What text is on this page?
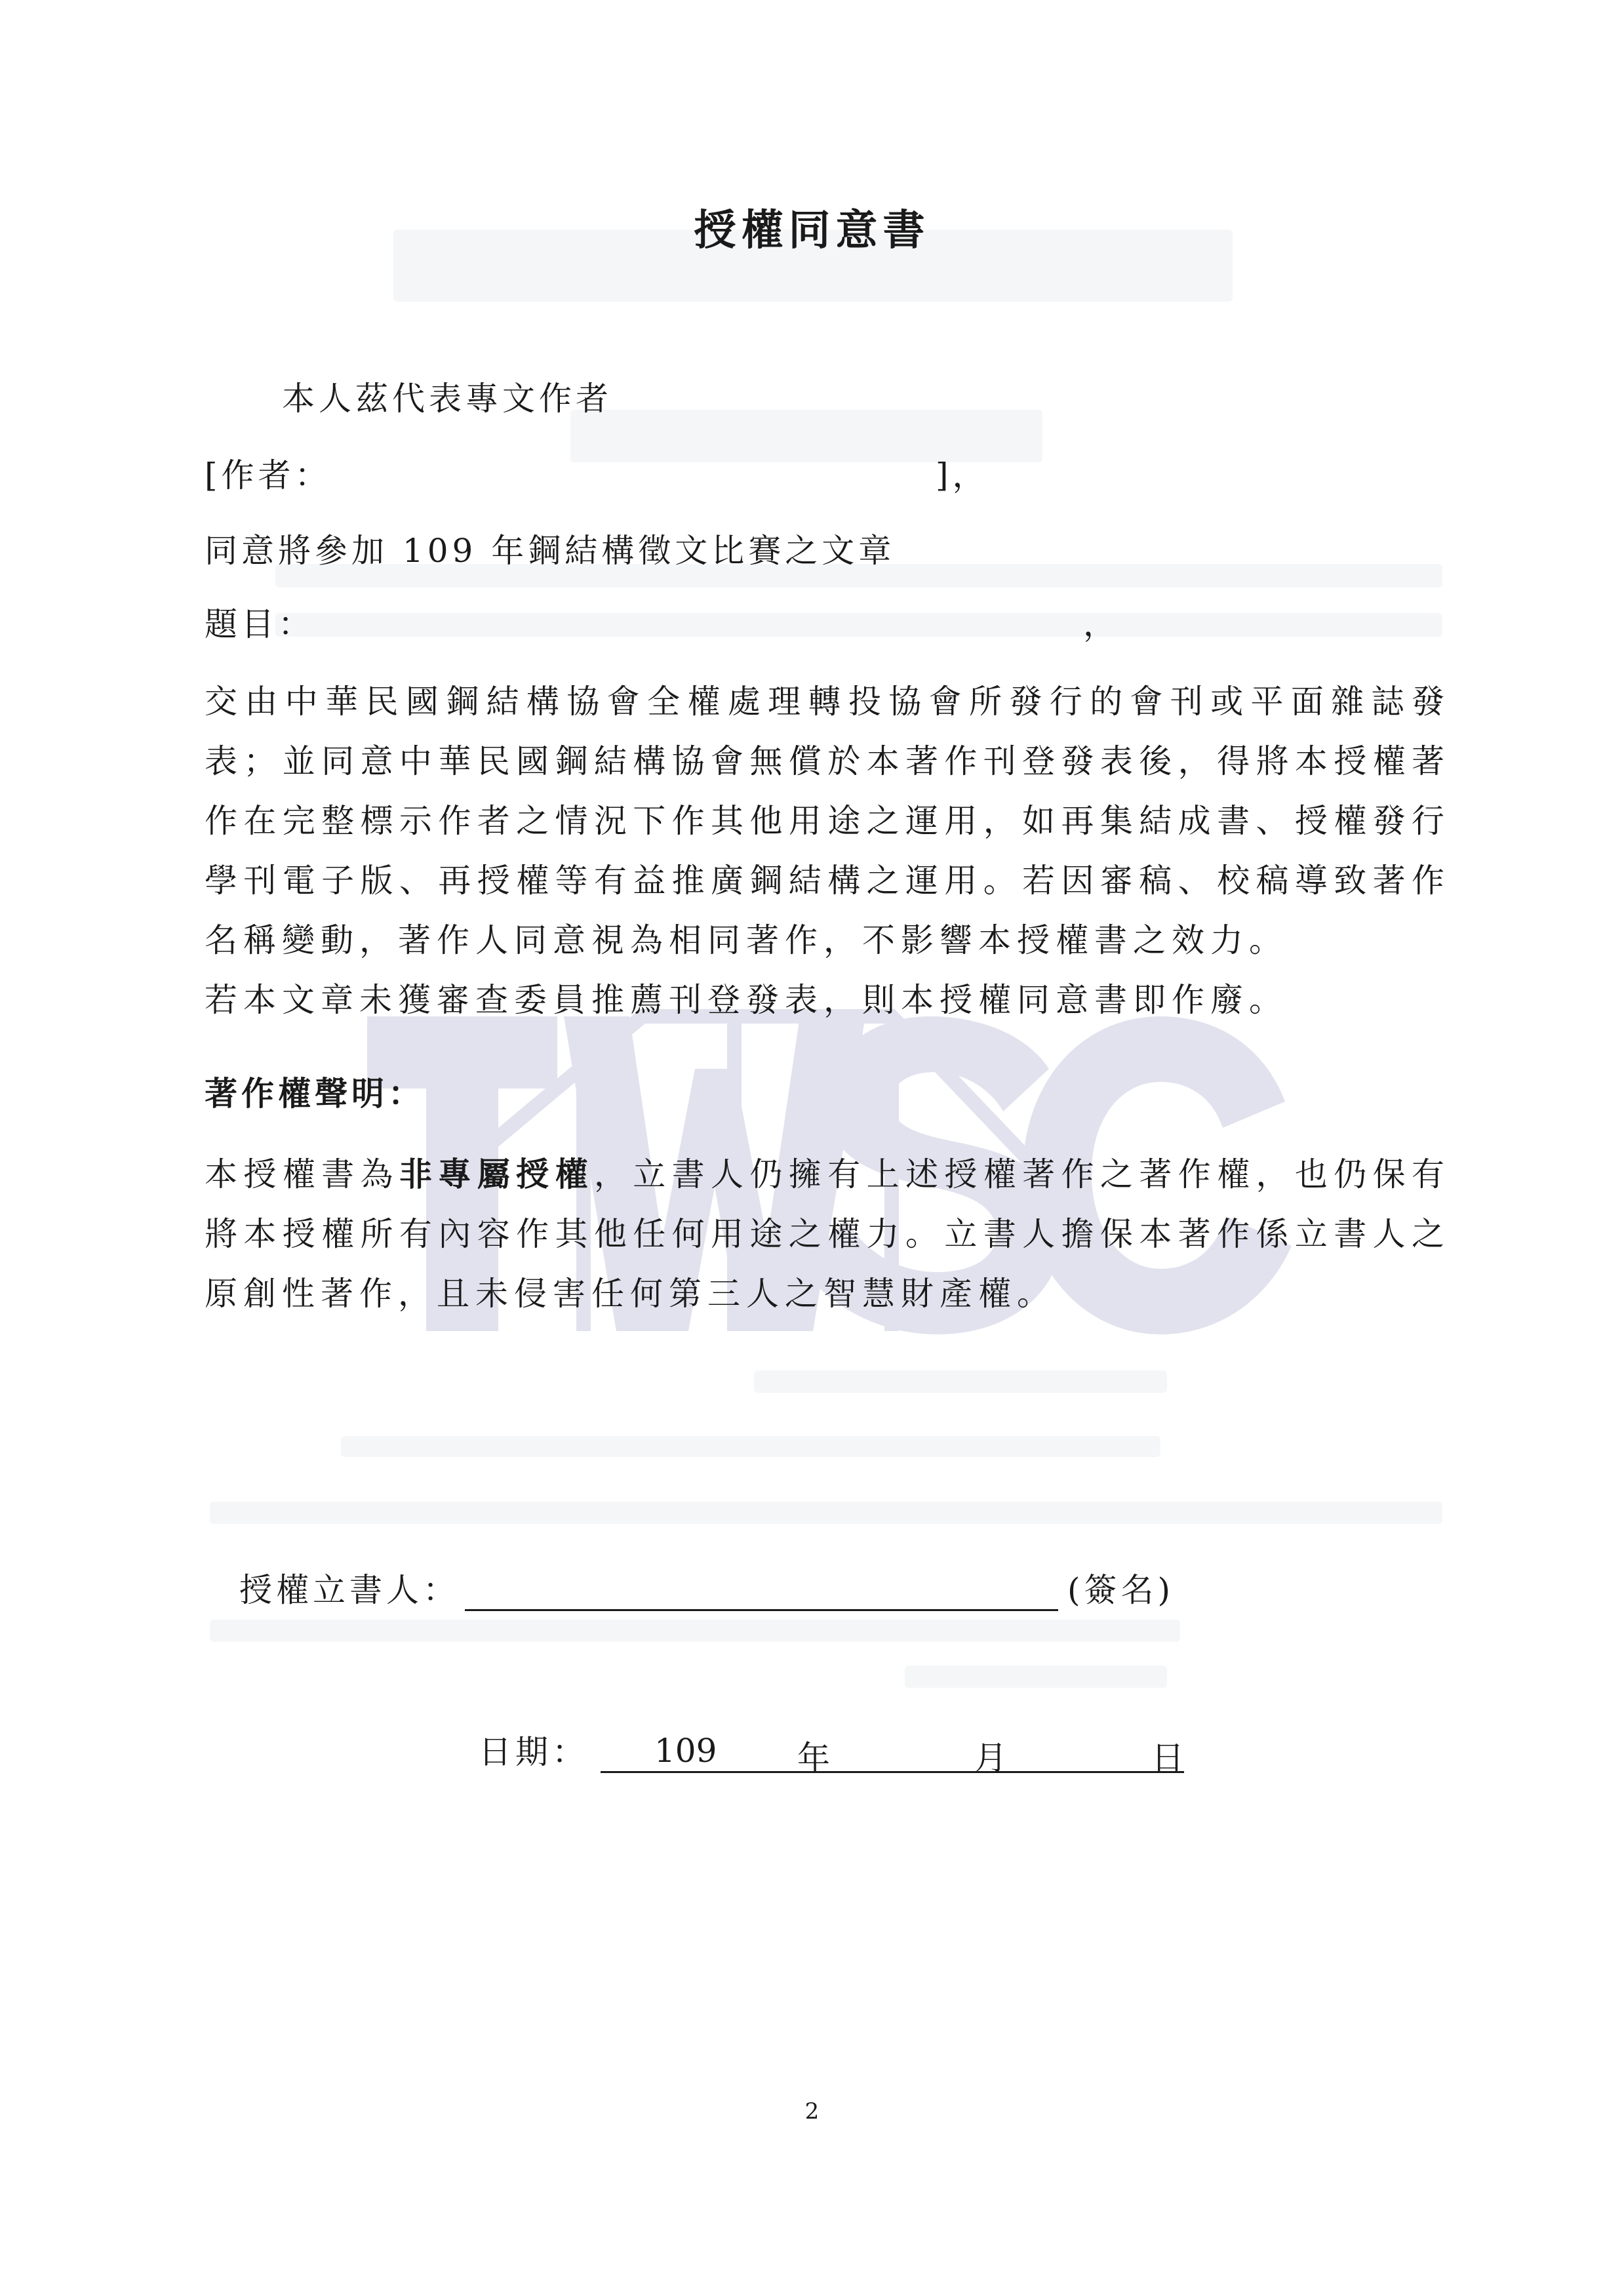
授權同意書
本人茲代表專文作者
[作者：	]，
同意將參加 109 年鋼結構徵文比賽之文章
題目：	，
交由中華民國鋼結構協會全權處理轉投協會所發行的會刊或平面雜誌發表；並同意中華民國鋼結構協會無償於本著作刊登發表後，得將本授權著作在完整標示作者之情況下作其他用途之運用，如再集結成書、授權發行學刊電子版、再授權等有益推廣鋼結構之運用。若因審稿、校稿導致著作名稱變動，著作人同意視為相同著作，不影響本授權書之效力。
若本文章未獲審查委員推薦刊登發表，則本授權同意書即作廢。
著作權聲明：
本授權書為非專屬授權，立書人仍擁有上述授權著作之著作權，也仍保有將本授權所有內容作其他任何用途之權力。立書人擔保本著作係立書人之原創性著作，且未侵害任何第三人之智慧財產權。
授權立書人：	(簽名)
日期： 109 年	月	日
2
